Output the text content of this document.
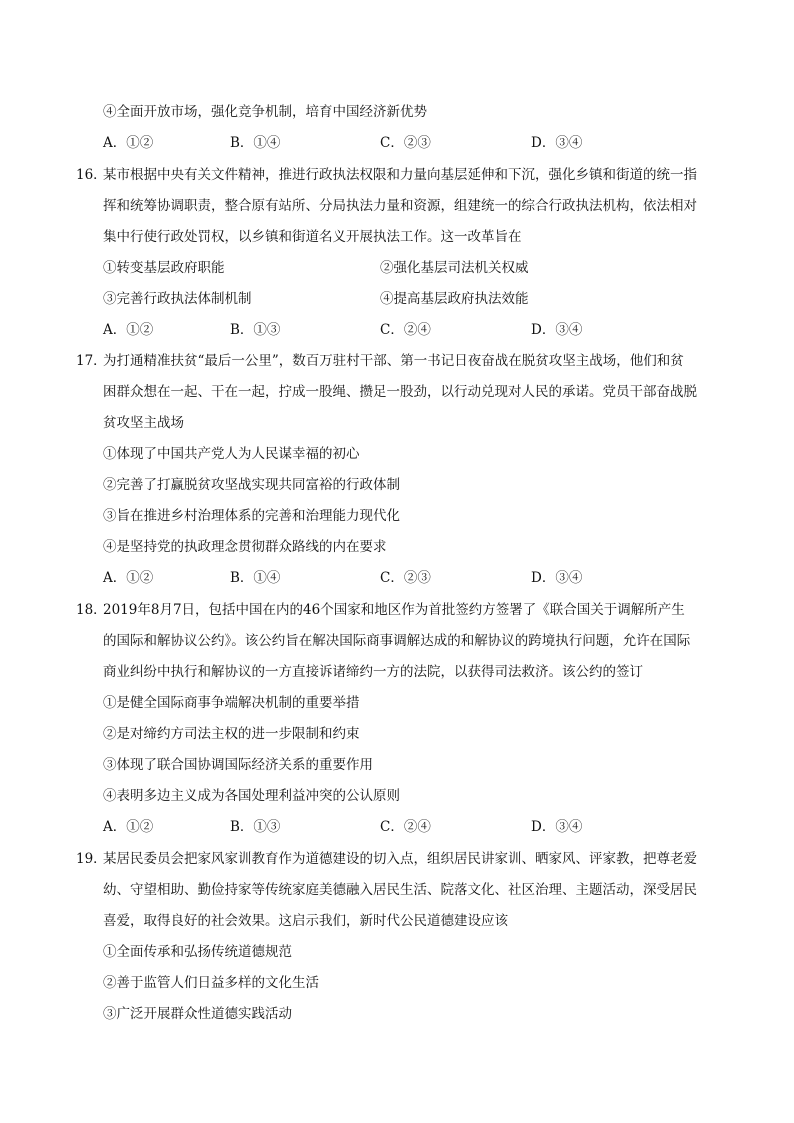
④全面开放市场，强化竞争机制，培育中国经济新优势
A．①②	B．①④	C．②③	D．③④
16．
某市根据中央有关文件精神，推进行政执法权限和力量向基层延伸和下沉，强化乡镇和街道的统一指
挥和统筹协调职责，整合原有站所、分局执法力量和资源，组建统一的综合行政执法机构，依法相对
集中行使行政处罚权，以乡镇和街道名义开展执法工作。这一改革旨在
①转变基层政府职能	②强化基层司法机关权威
③完善行政执法体制机制	④提高基层政府执法效能
A．①②	B．①③	C．②④	D．③④
17．
为打通精准扶贫“最后一公里”，数百万驻村干部、第一书记日夜奋战在脱贫攻坚主战场，他们和贫
困群众想在一起、干在一起，拧成一股绳、攒足一股劲，以行动兑现对人民的承诺。党员干部奋战脱
贫攻坚主战场
①体现了中国共产党人为人民谋幸福的初心
②完善了打赢脱贫攻坚战实现共同富裕的行政体制
③旨在推进乡村治理体系的完善和治理能力现代化
④是坚持党的执政理念贯彻群众路线的内在要求
A．①②	B．①④	C．②③	D．③④
18．
2019年8月7日，包括中国在内的46个国家和地区作为首批签约方签署了《联合国关于调解所产生
的国际和解协议公约》。该公约旨在解决国际商事调解达成的和解协议的跨境执行问题，允许在国际
商业纠纷中执行和解协议的一方直接诉诸缔约一方的法院，以获得司法救济。该公约的签订
①是健全国际商事争端解决机制的重要举措
②是对缔约方司法主权的进一步限制和约束
③体现了联合国协调国际经济关系的重要作用
④表明多边主义成为各国处理利益冲突的公认原则
A．①②	B．①③	C．②④	D．③④
19．
某居民委员会把家风家训教育作为道德建设的切入点，组织居民讲家训、晒家风、评家教，把尊老爱
幼、守望相助、勤俭持家等传统家庭美德融入居民生活、院落文化、社区治理、主题活动，深受居民
喜爱，取得良好的社会效果。这启示我们，新时代公民道德建设应该
①全面传承和弘扬传统道德规范
②善于监管人们日益多样的文化生活
③广泛开展群众性道德实践活动
